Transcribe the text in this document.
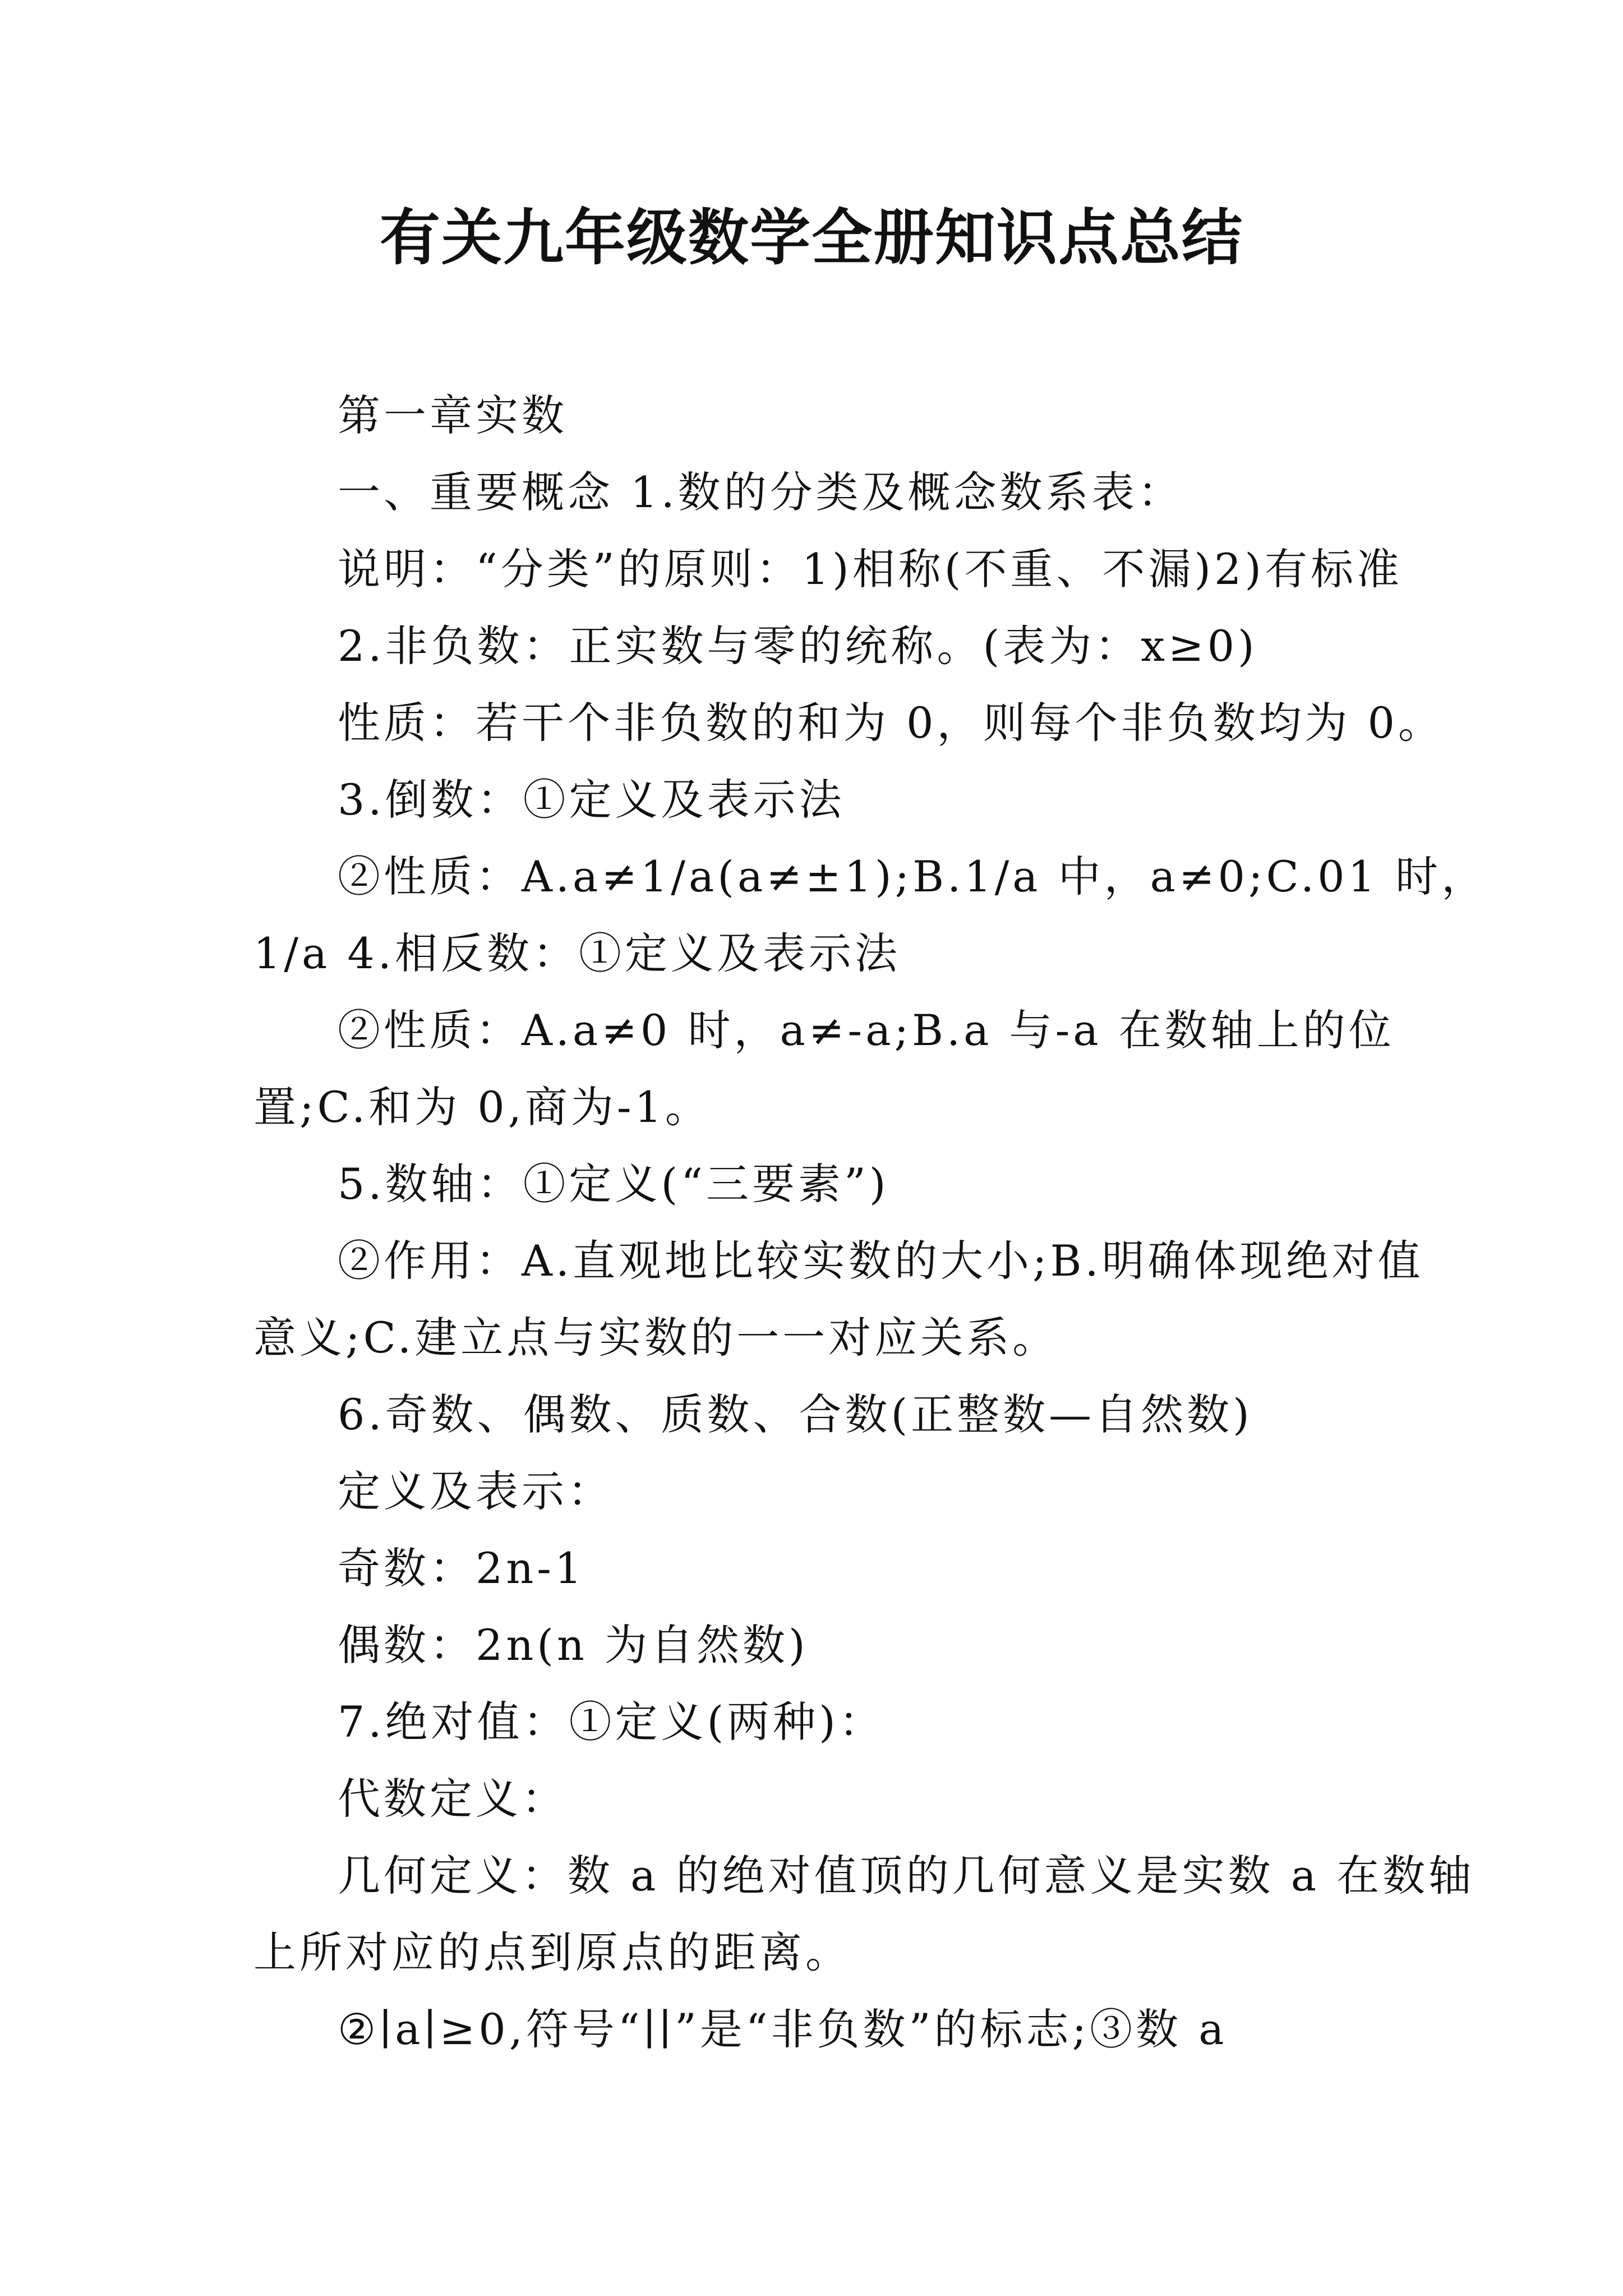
有关九年级数学全册知识点总结
第一章实数
一、重要概念 1.数的分类及概念数系表：
说明：“分类”的原则：1)相称(不重、不漏)2)有标准
2.非负数：正实数与零的统称。(表为：x≥0)
性质：若干个非负数的和为 0，则每个非负数均为 0。
3.倒数：①定义及表示法
②性质：A.a≠1/a(a≠±1);B.1/a 中，a≠0;C.01 时，
1/a 4.相反数：①定义及表示法
②性质：A.a≠0 时，a≠-a;B.a 与-a 在数轴上的位
置;C.和为 0,商为-1。
5.数轴：①定义(“三要素”)
②作用：A.直观地比较实数的大小;B.明确体现绝对值
意义;C.建立点与实数的一一对应关系。
6.奇数、偶数、质数、合数(正整数—自然数)
定义及表示：
奇数：2n-1
偶数：2n(n 为自然数)
7.绝对值：①定义(两种)：
代数定义：
几何定义：数 a 的绝对值顶的几何意义是实数 a 在数轴
上所对应的点到原点的距离。
②∣a∣≥0,符号“∣∣”是“非负数”的标志;③数 a
